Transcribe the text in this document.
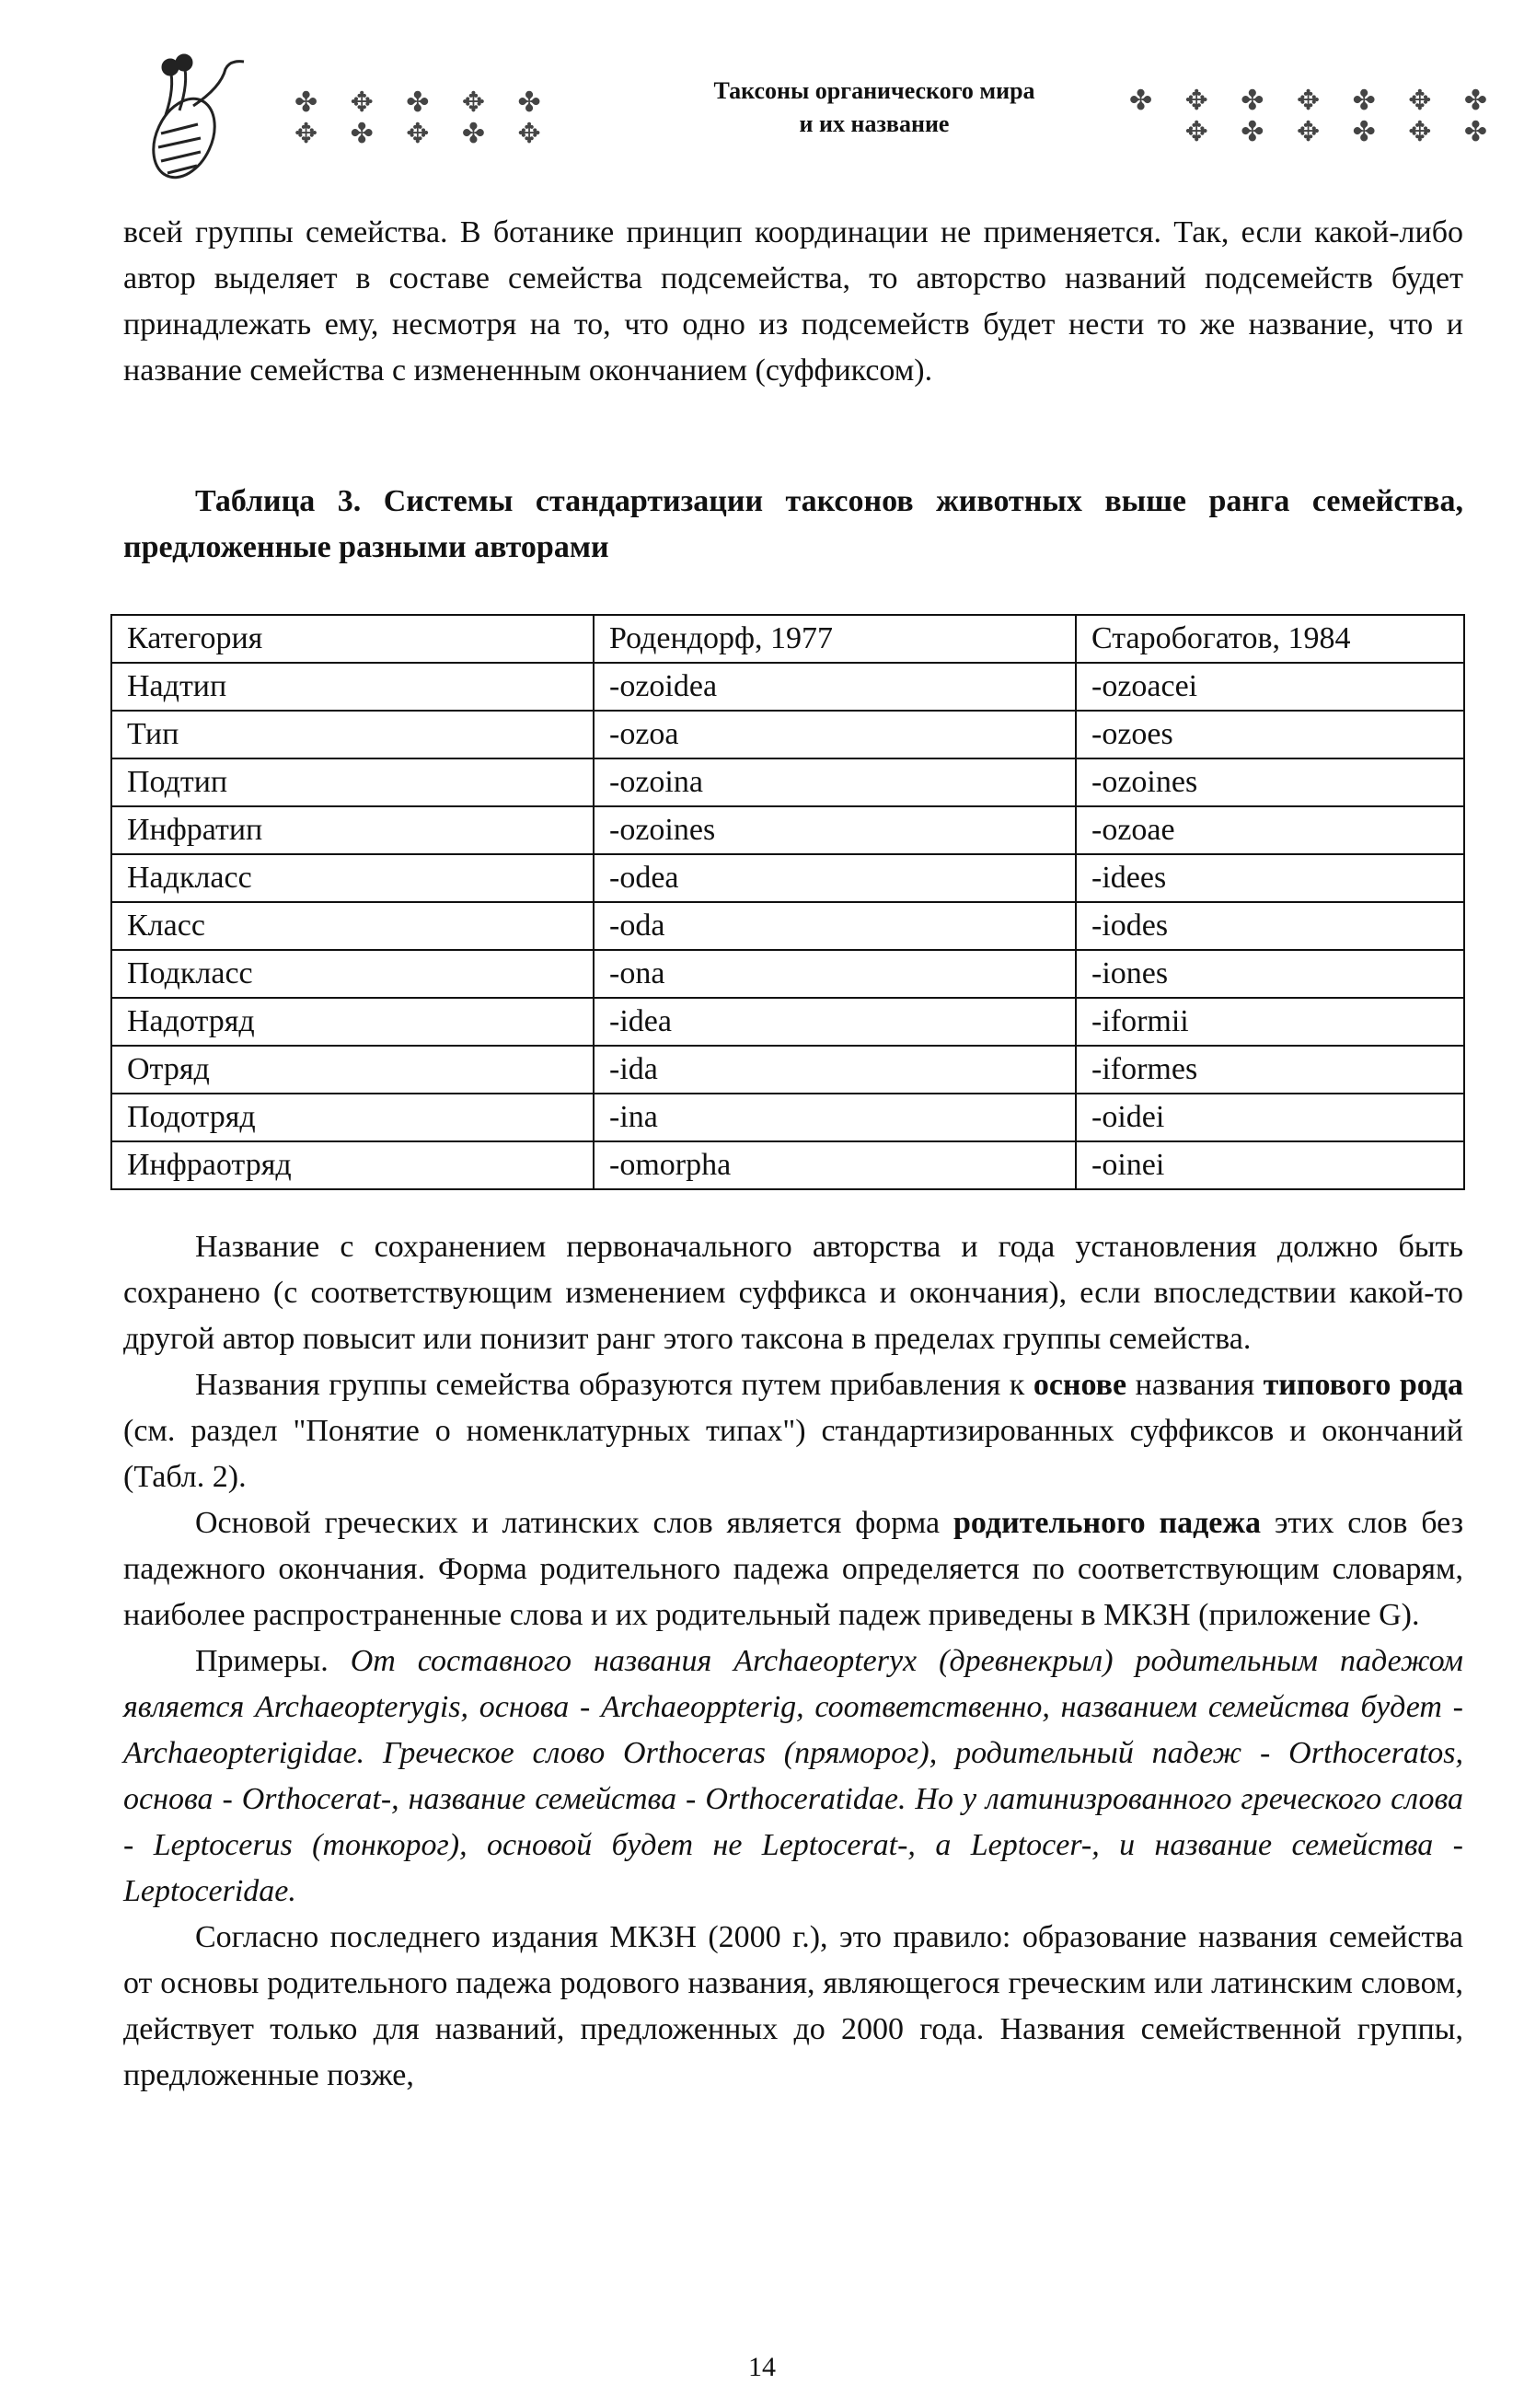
✤ ✥ ✤ ✥ ✤
✥ ✤ ✥ ✤ ✥
Таксоны органического мира
и их название
✤ ✥ ✤ ✥ ✤ ✥ ✤
✥ ✤ ✥ ✤ ✥ ✤

всей группы семейства. В ботанике принцип координации не применяется. Так, если какой-либо автор выделяет в составе семейства подсемейства, то авторство названий подсемейств будет принадлежать ему, несмотря на то, что одно из подсемейств будет нести то же название, что и название семейства с измененным окончанием (суффиксом).

Таблица 3. Системы стандартизации таксонов животных выше ранга семейства, предложенные разными авторами
Категория	Родендорф, 1977	Старобогатов, 1984
Надтип	-ozoidea	-ozoacei
Тип	-ozoa	-ozoes
Подтип	-ozoina	-ozoines
Инфратип	-ozoines	-ozoae
Надкласс	-odea	-idees
Класс	-oda	-iodes
Подкласс	-ona	-iones
Надотряд	-idea	-iformii
Отряд	-ida	-iformes
Подотряд	-ina	-oidei
Инфраотряд	-omorpha	-oinei

Название с сохранением первоначального авторства и года установления должно быть сохранено (с соответствующим изменением суффикса и окончания), если впоследствии какой-то другой автор повысит или понизит ранг этого таксона в пределах группы семейства.

Названия группы семейства образуются путем прибавления к основе названия типового рода (см. раздел "Понятие о номенклатурных типах") стандартизированных суффиксов и окончаний (Табл. 2).

Основой греческих и латинских слов является форма родительного падежа этих слов без падежного окончания. Форма родительного падежа определяется по соответствующим словарям, наиболее распространенные слова и их родительный падеж приведены в МКЗН (приложение G).

Примеры. От составного названия Archaeopteryx (древнекрыл) родительным падежом является Archaeopterygis, основа - Archaeoppterig, соответственно, названием семейства будет - Archaeopterigidae. Греческое слово Orthoceras (пряморог), родительный падеж - Orthoceratos, основа - Orthocerat-, название семейства - Orthoceratidae. Но у латинизрованного греческого слова - Leptocerus (тонкорог), основой будет не Leptocerat-, а Leptocer-, и название семейства - Leptoceridae.

Согласно последнего издания МКЗН (2000 г.), это правило: образование названия семейства от основы родительного падежа родового названия, являющегося греческим или латинским словом, действует только для названий, предложенных до 2000 года. Названия семейственной группы, предложенные позже,

14
